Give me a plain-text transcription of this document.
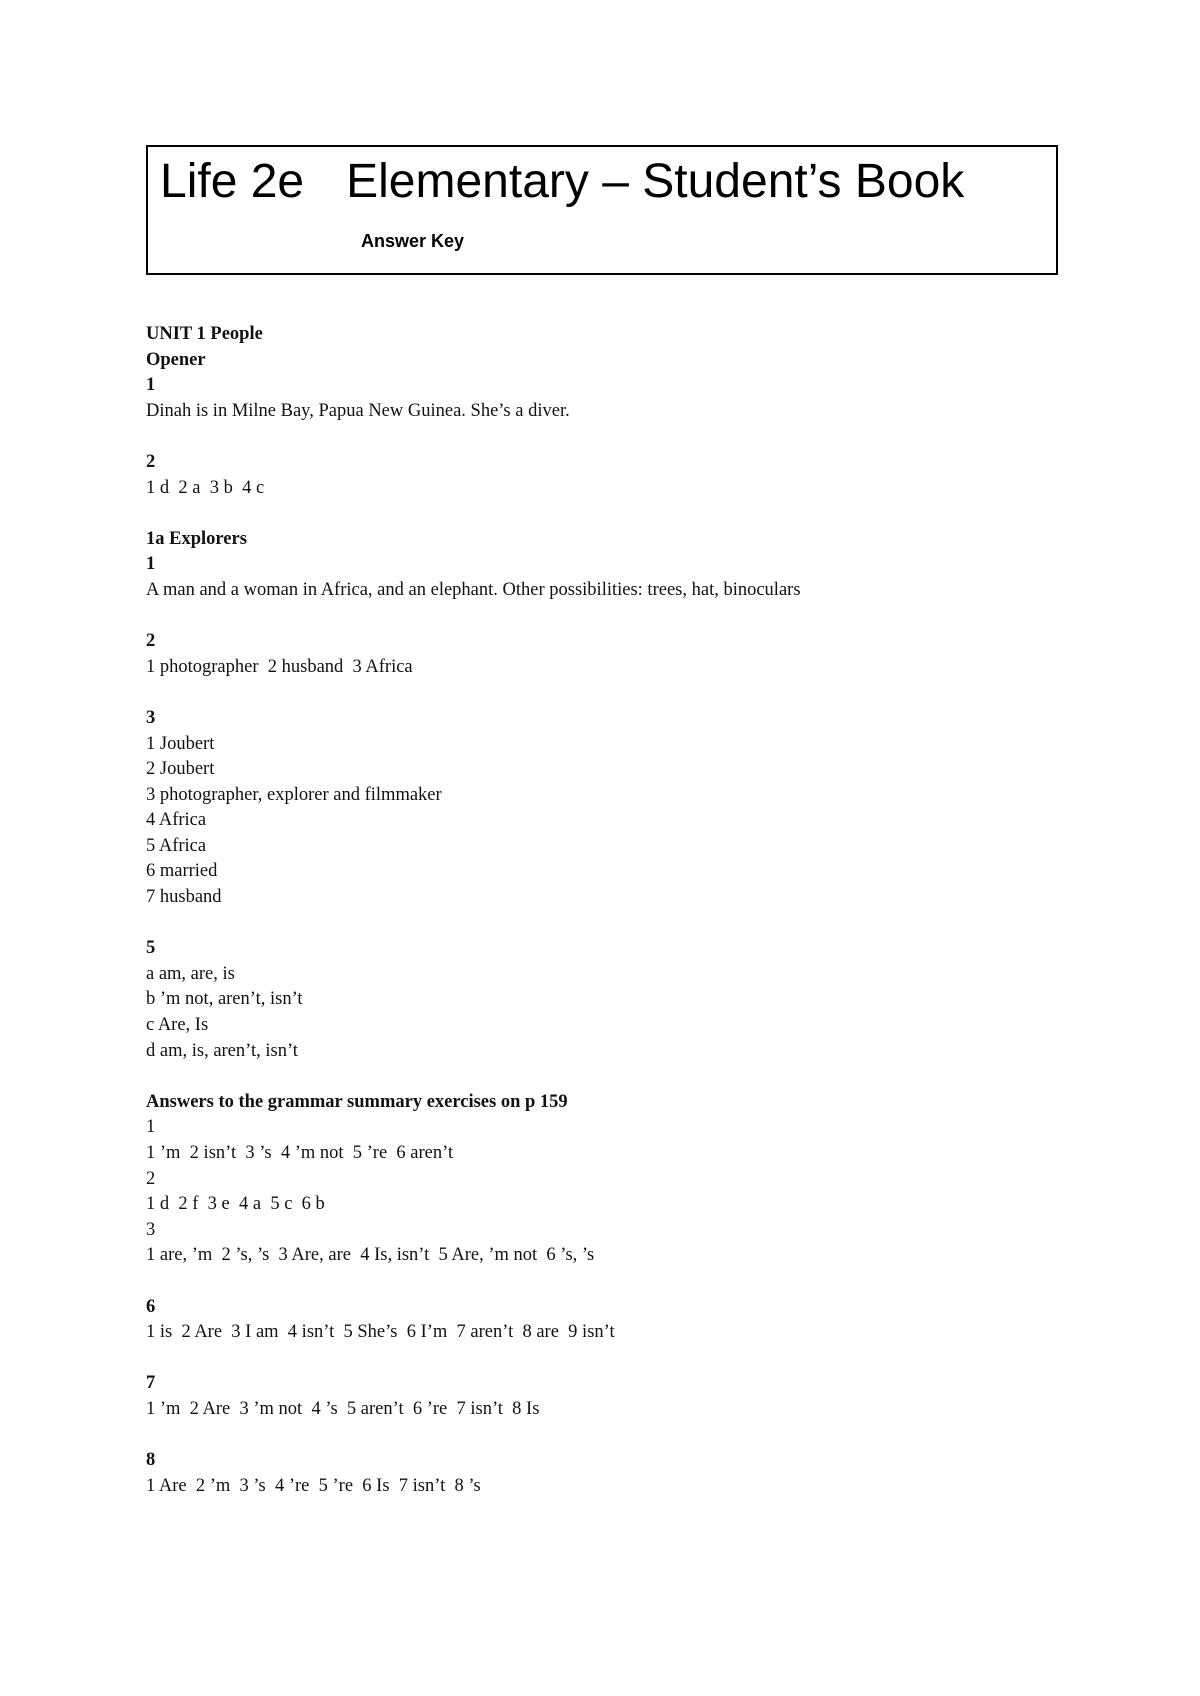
Life 2e Elementary – Student’s Book
Answer Key
UNIT 1 People
Opener
1
Dinah is in Milne Bay, Papua New Guinea. She’s a diver.
2
1 d  2 a  3 b  4 c
1a Explorers
1
A man and a woman in Africa, and an elephant. Other possibilities: trees, hat, binoculars
2
1 photographer  2 husband  3 Africa
3
1 Joubert
2 Joubert
3 photographer, explorer and filmmaker
4 Africa
5 Africa
6 married
7 husband
5
a am, are, is
b ’m not, aren’t, isn’t
c Are, Is
d am, is, aren’t, isn’t
Answers to the grammar summary exercises on p 159
1
1 ’m  2 isn’t  3 ’s  4 ’m not  5 ’re  6 aren’t
2
1 d  2 f  3 e  4 a  5 c  6 b
3
1 are, ’m  2 ’s, ’s  3 Are, are  4 Is, isn’t  5 Are, ’m not  6 ’s, ’s
6
1 is  2 Are  3 I am  4 isn’t  5 She’s  6 I’m  7 aren’t  8 are  9 isn’t
7
1 ’m  2 Are  3 ’m not  4 ’s  5 aren’t  6 ’re  7 isn’t  8 Is
8
1 Are  2 ’m  3 ’s  4 ’re  5 ’re  6 Is  7 isn’t  8 ’s
